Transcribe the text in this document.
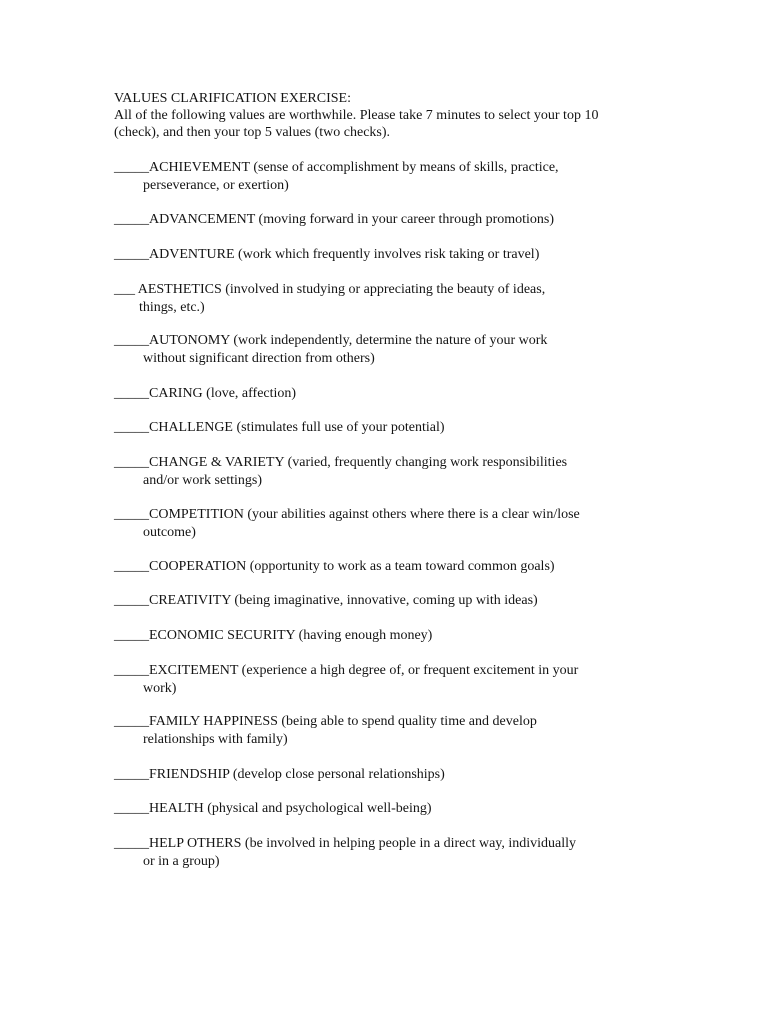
VALUES CLARIFICATION EXERCISE:
All of the following values are worthwhile. Please take 7 minutes to select your top 10 (check), and then your top 5 values (two checks).
_____ACHIEVEMENT (sense of accomplishment by means of skills, practice,
perseverance, or exertion)
_____ADVANCEMENT (moving forward in your career through promotions)
_____ADVENTURE (work which frequently involves risk taking or travel)
___ AESTHETICS (involved in studying or appreciating the beauty of ideas,
things, etc.)
_____AUTONOMY (work independently, determine the nature of your work
without significant direction from others)
_____CARING (love, affection)
_____CHALLENGE (stimulates full use of your potential)
_____CHANGE & VARIETY (varied, frequently changing work responsibilities
and/or work settings)
_____COMPETITION (your abilities against others where there is a clear win/lose
outcome)
_____COOPERATION (opportunity to work as a team toward common goals)
_____CREATIVITY (being imaginative, innovative, coming up with ideas)
_____ECONOMIC SECURITY (having enough money)
_____EXCITEMENT (experience a high degree of, or frequent excitement in your
work)
_____FAMILY HAPPINESS (being able to spend quality time and develop
relationships with family)
_____FRIENDSHIP (develop close personal relationships)
_____HEALTH (physical and psychological well-being)
_____HELP OTHERS (be involved in helping people in a direct way, individually
or in a group)
